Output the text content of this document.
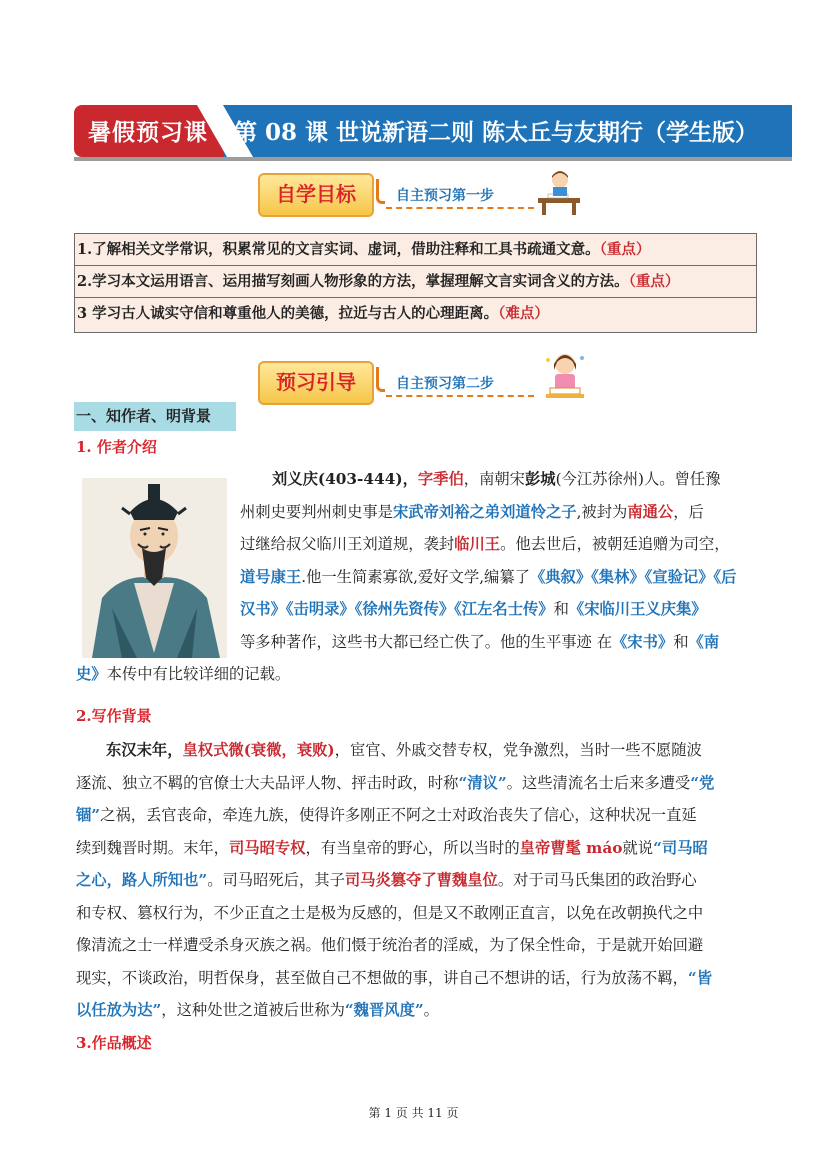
暑假预习课	第 08 课 世说新语二则 陈太丘与友期行（学生版）
自学目标	自主预习第一步
1.了解相关文学常识，积累常见的文言实词、虚词，借助注释和工具书疏通文意。（重点）
2.学习本文运用语言、运用描写刻画人物形象的方法，掌握理解文言实词含义的方法。（重点）
3 学习古人诚实守信和尊重他人的美德，拉近与古人的心理距离。（难点）
预习引导	自主预习第二步
一、知作者、明背景
1. 作者介绍
刘义庆(403-444)，字季伯，南朝宋彭城(今江苏徐州)人。曾任豫
州刺史要判州刺史事是宋武帝刘裕之弟刘道怜之子,被封为南通公，后
过继给叔父临川王刘道规，袭封临川王。他去世后，被朝廷追赠为司空，
道号康王.他一生简素寡欲,爱好文学,编纂了《典叙》《集林》《宣验记》《后
汉书》《击明录》《徐州先资传》《江左名士传》和《宋临川王义庆集》
等多种著作，这些书大都已经亡佚了。他的生平事迹 在《宋书》和《南
史》本传中有比较详细的记载。
2.写作背景
东汉末年，皇权式微(衰微，衰败)，宦官、外戚交替专权，党争激烈，当时一些不愿随波
逐流、独立不羁的官僚士大夫品评人物、抨击时政，时称“清议”。这些清流名士后来多遭受“党
锢”之祸，丢官丧命，牵连九族，使得许多刚正不阿之士对政治丧失了信心，这种状况一直延
续到魏晋时期。末年，司马昭专权，有当皇帝的野心，所以当时的皇帝曹髦 máo就说“司马昭
之心，路人所知也”。司马昭死后，其子司马炎篡夺了曹魏皇位。对于司马氏集团的政治野心
和专权、篡权行为，不少正直之士是极为反感的，但是又不敢刚正直言，以免在改朝换代之中
像清流之士一样遭受杀身灭族之祸。他们慑于统治者的淫威，为了保全性命，于是就开始回避
现实，不谈政治，明哲保身，甚至做自己不想做的事，讲自己不想讲的话，行为放荡不羁，“皆
以任放为达”，这种处世之道被后世称为“魏晋风度”。
3.作品概述
第 1 页 共 11 页
